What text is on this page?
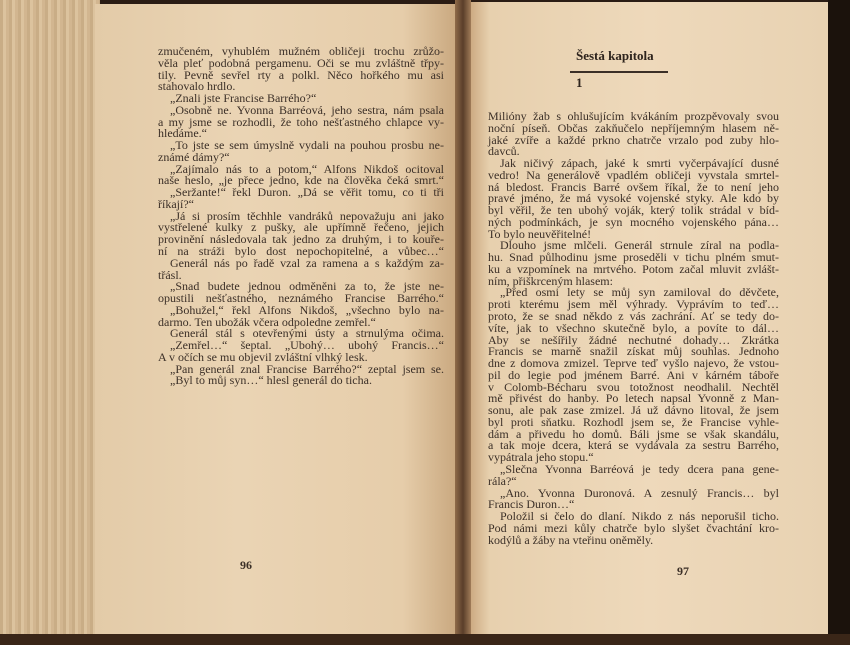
zmučeném, vyhublém mužném obličeji trochu zrůžo-
věla pleť podobná pergamenu. Oči se mu zvláštně třpy-
tily. Pevně sevřel rty a polkl. Něco hořkého mu asi
stahovalo hrdlo.
„Znali jste Francise Barrého?“
„Osobně ne. Yvonna Barréová, jeho sestra, nám psala
a my jsme se rozhodli, že toho nešťastného chlapce vy-
hledáme.“
„To jste se sem úmyslně vydali na pouhou prosbu ne-
známé dámy?“
„Zajímalo nás to a potom,“ Alfons Nikdoš ocitoval
naše heslo, „je přece jedno, kde na člověka čeká smrt.“
„Seržante!“ řekl Duron. „Dá se věřit tomu, co ti tři
říkají?“
„Já si prosím těchhle vandráků nepovažuju ani jako
vystřelené kulky z pušky, ale upřímně řečeno, jejich
provinění následovala tak jedno za druhým, i to kouře-
ní na stráži bylo dost nepochopitelné, a vůbec…“
Generál nás po řadě vzal za ramena a s každým za-
třásl.
„Snad budete jednou odměněni za to, že jste ne-
opustili nešťastného, neznámého Francise Barrého.“
„Bohužel,“ řekl Alfons Nikdoš, „všechno bylo na-
darmo. Ten ubožák včera odpoledne zemřel.“
Generál stál s otevřenými ústy a strnulýma očima.
„Zemřel…“ šeptal. „Ubohý… ubohý Francis…“
A v očích se mu objevil zvláštní vlhký lesk.
„Pan generál znal Francise Barrého?“ zeptal jsem se.
„Byl to můj syn…“ hlesl generál do ticha.
96
Šestá kapitola
1
Milióny žab s ohlušujícím kvákáním prozpěvovaly svou
noční píseň. Občas zakňučelo nepříjemným hlasem ně-
jaké zvíře a každé prkno chatrče vrzalo pod zuby hlo-
davců.
Jak ničivý zápach, jaké k smrti vyčerpávající dusné
vedro! Na generálově vpadlém obličeji vyvstala smrtel-
ná bledost. Francis Barré ovšem říkal, že to není jeho
pravé jméno, že má vysoké vojenské styky. Ale kdo by
byl věřil, že ten ubohý voják, který tolik strádal v bíd-
ných podmínkách, je syn mocného vojenského pána…
To bylo neuvěřitelné!
Dlouho jsme mlčeli. Generál strnule zíral na podla-
hu. Snad půlhodinu jsme proseděli v tichu plném smut-
ku a vzpomínek na mrtvého. Potom začal mluvit zvlášt-
ním, přiškrceným hlasem:
„Před osmi lety se můj syn zamiloval do děvčete,
proti kterému jsem měl výhrady. Vyprávím to teď…
proto, že se snad někdo z vás zachrání. Ať se tedy do-
víte, jak to všechno skutečně bylo, a povíte to dál…
Aby se nešířily žádné nechutné dohady… Zkrátka
Francis se marně snažil získat můj souhlas. Jednoho
dne z domova zmizel. Teprve teď vyšlo najevo, že vstou-
pil do legie pod jménem Barré. Ani v kárném táboře
v Colomb-Bécharu svou totožnost neodhalil. Nechtěl
mě přivést do hanby. Po letech napsal Yvonně z Man-
sonu, ale pak zase zmizel. Já už dávno litoval, že jsem
byl proti sňatku. Rozhodl jsem se, že Francise vyhle-
dám a přivedu ho domů. Báli jsme se však skandálu,
a tak moje dcera, která se vydávala za sestru Barrého,
vypátrala jeho stopu.“
„Slečna Yvonna Barréová je tedy dcera pana gene-
rála?“
„Ano. Yvonna Duronová. A zesnulý Francis… byl
Francis Duron…“
Položil si čelo do dlaní. Nikdo z nás neporušil ticho.
Pod námi mezi kůly chatrče bylo slyšet čvachtání kro-
kodýlů a žáby na vteřinu oněměly.
97
